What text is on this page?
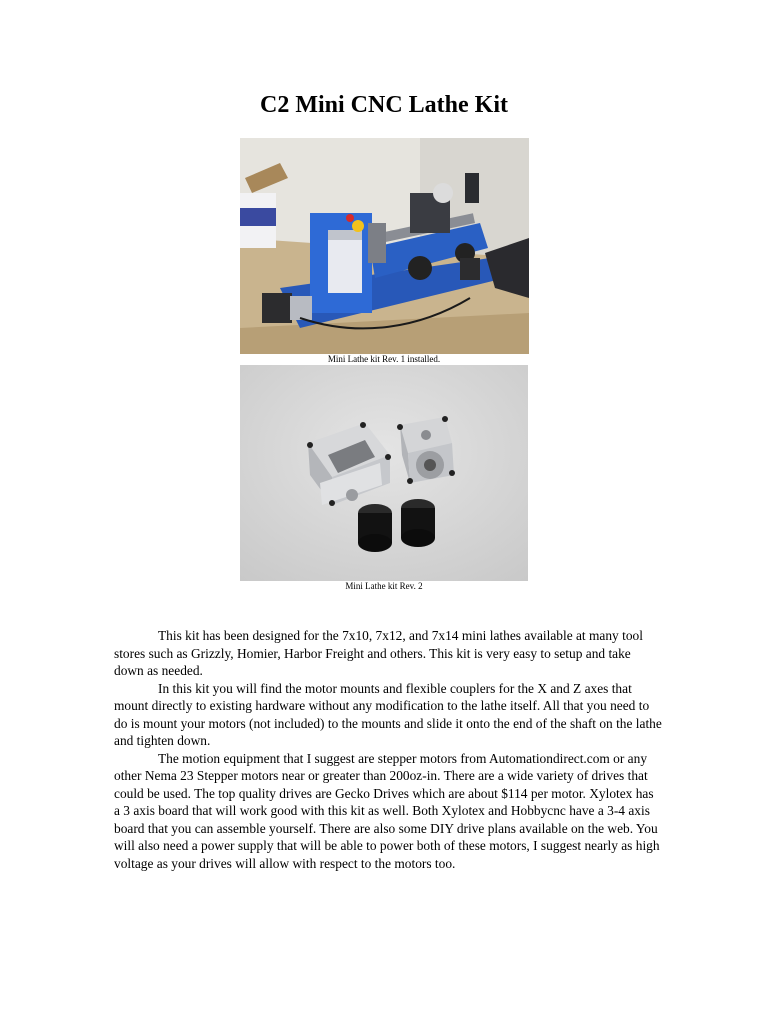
C2 Mini CNC Lathe Kit
Mini Lathe kit Rev. 1 installed.
Mini Lathe kit Rev. 2

This kit has been designed for the 7x10, 7x12, and 7x14 mini lathes available at many tool stores such as Grizzly, Homier, Harbor Freight and others. This kit is very easy to setup and take down as needed.

In this kit you will find the motor mounts and flexible couplers for the X and Z axes that mount directly to existing hardware without any modification to the lathe itself. All that you need to do is mount your motors (not included) to the mounts and slide it onto the end of the shaft on the lathe and tighten down.

The motion equipment that I suggest are stepper motors from Automationdirect.com or any other Nema 23 Stepper motors near or greater than 200oz-in. There are a wide variety of drives that could be used. The top quality drives are Gecko Drives which are about $114 per motor. Xylotex has a 3 axis board that will work good with this kit as well. Both Xylotex and Hobbycnc have a 3-4 axis board that you can assemble yourself. There are also some DIY drive plans available on the web. You will also need a power supply that will be able to power both of these motors, I suggest nearly as high voltage as your drives will allow with respect to the motors too.
